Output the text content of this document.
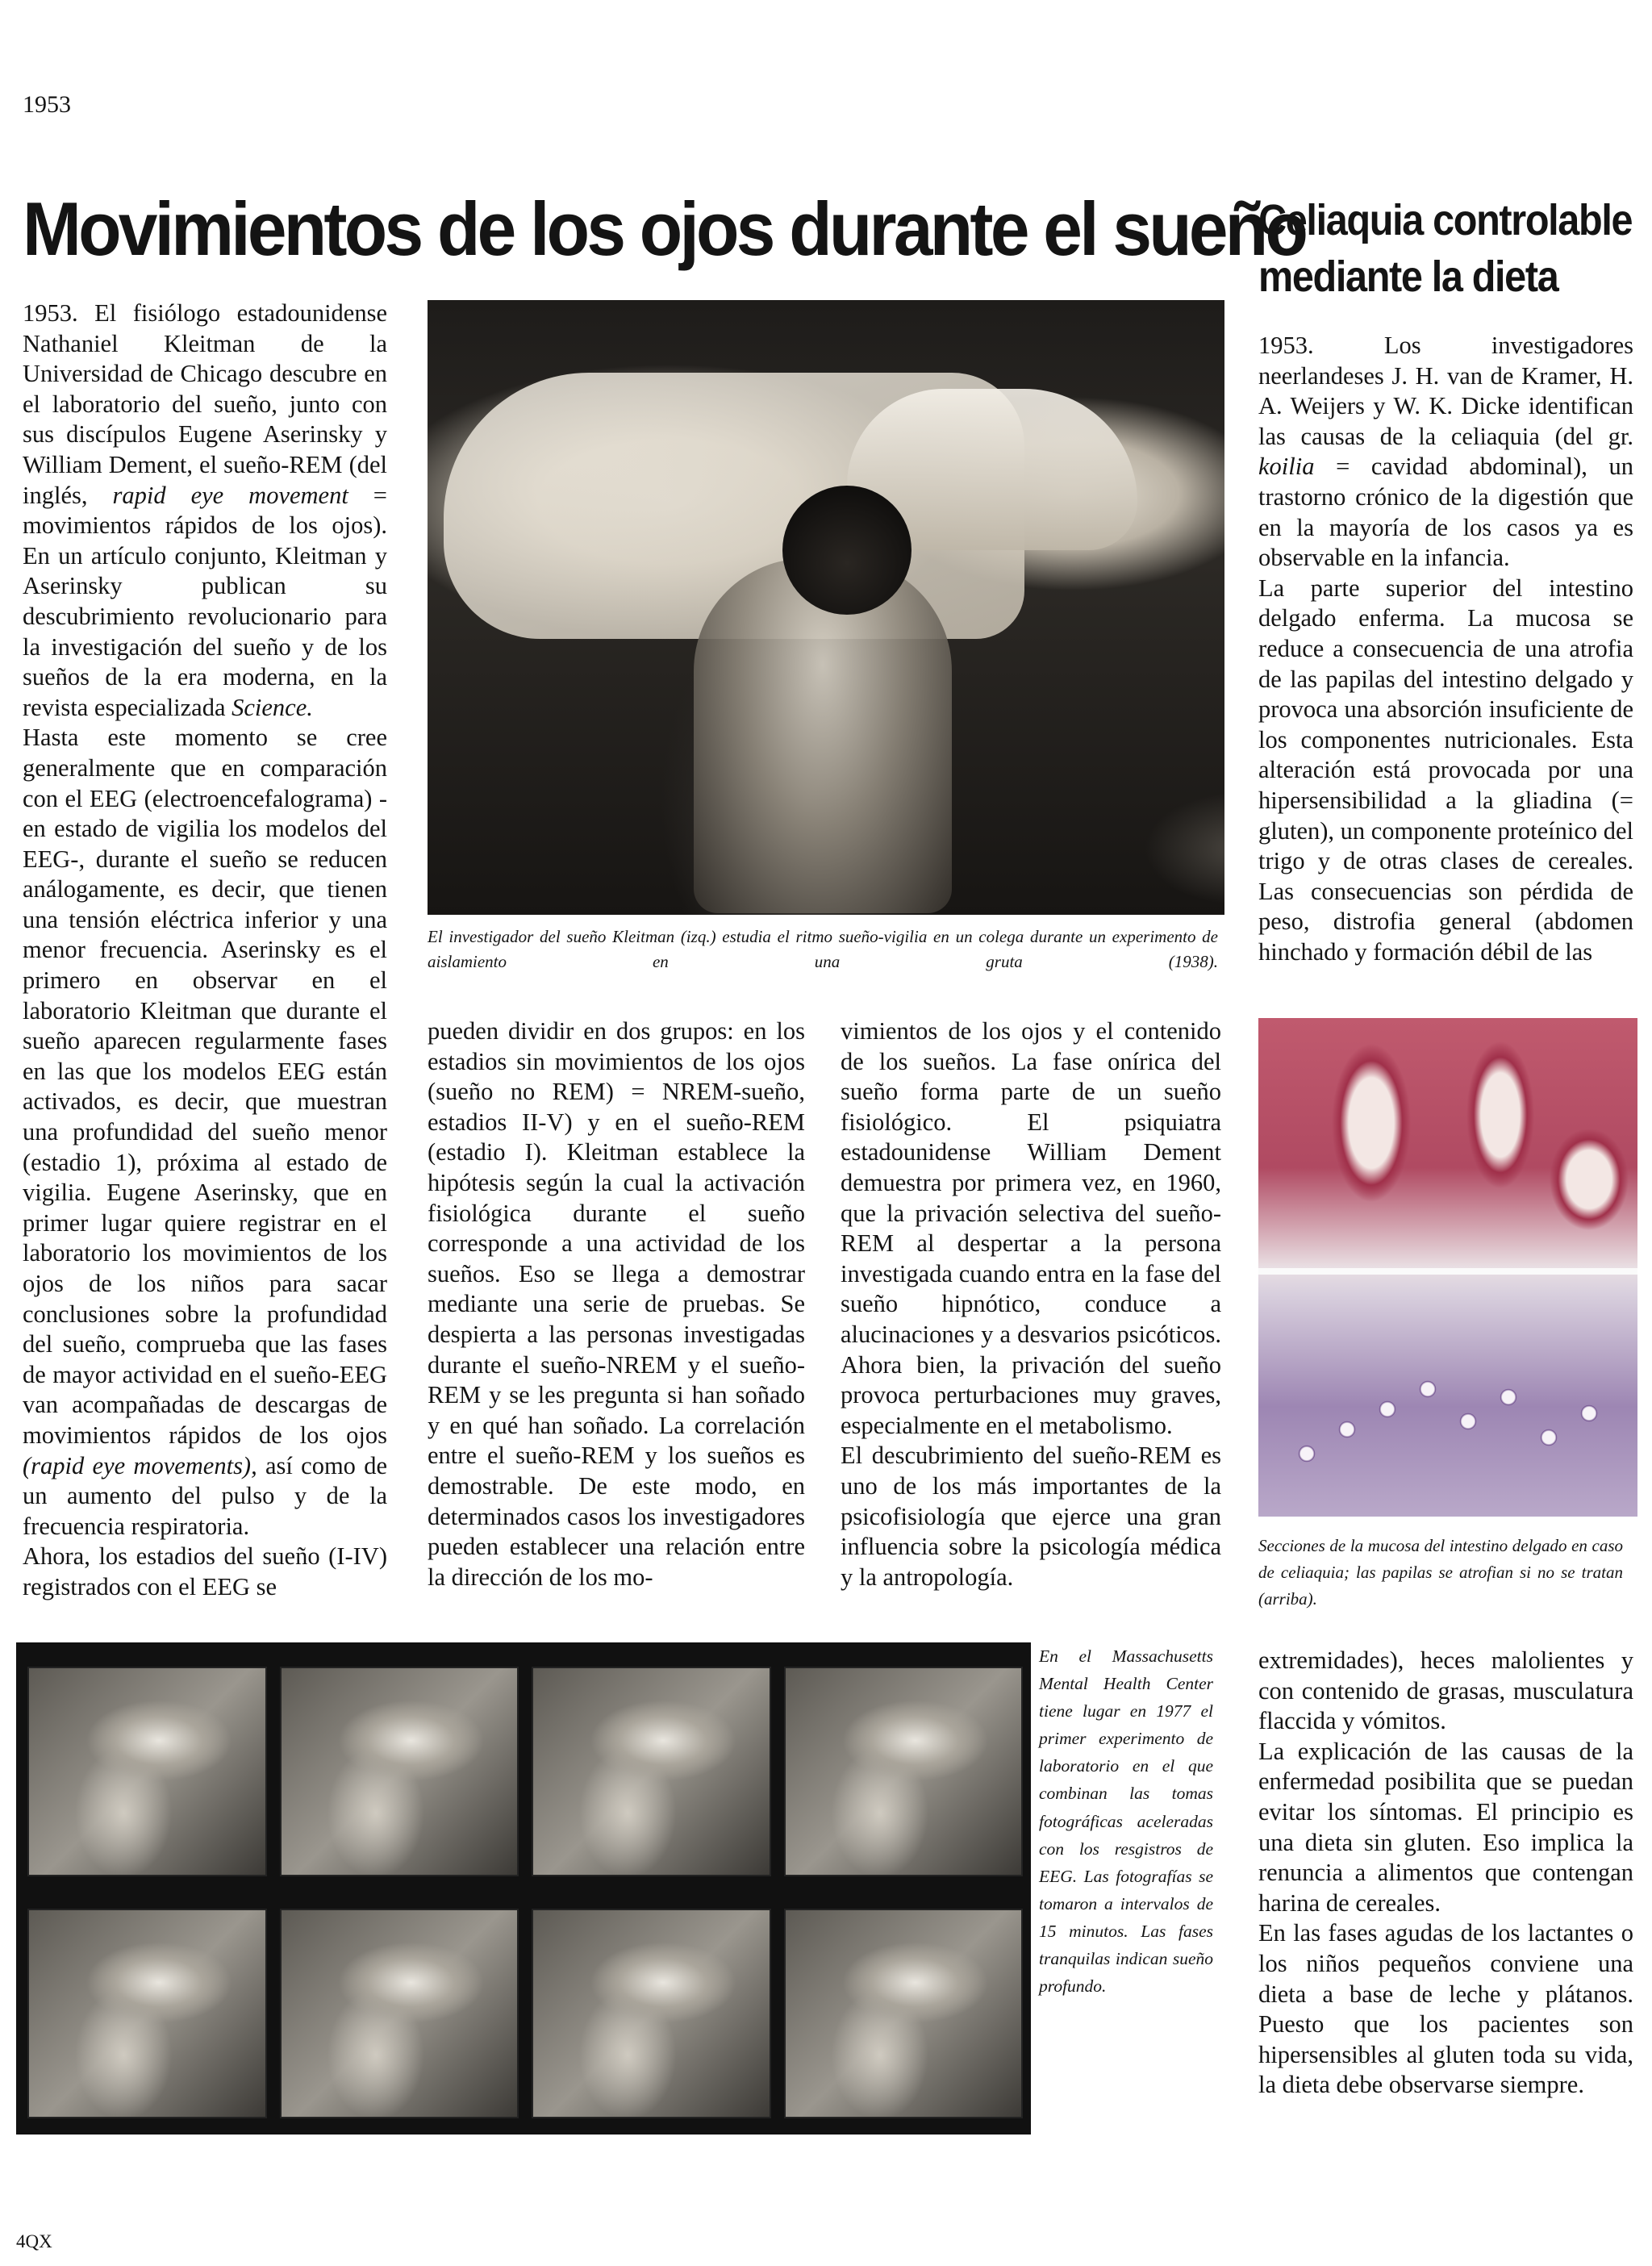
1953
Movimientos de los ojos durante el sueño
Celiaquia controlable
mediante la dieta

1953. El fisiólogo estadounidense Nathaniel Kleitman de la Universidad de Chicago descubre en el laboratorio del sueño, junto con sus discípulos Eugene Aserinsky y William Dement, el sueño-REM (del inglés, rapid eye movement = movimientos rápidos de los ojos). En un artículo conjunto, Kleitman y Aserinsky publican su descubrimiento revolucionario para la investigación del sueño y de los sueños de la era moderna, en la revista especializada Science.

Hasta este momento se cree generalmente que en comparación con el EEG (electroencefalograma) -en estado de vigilia los modelos del EEG-, durante el sueño se reducen análogamente, es decir, que tienen una tensión eléctrica inferior y una menor frecuencia. Aserinsky es el primero en observar en el laboratorio Kleitman que durante el sueño aparecen regularmente fases en las que los modelos EEG están activados, es decir, que muestran una profundidad del sueño menor (estadio 1), próxima al estado de vigilia. Eugene Aserinsky, que en primer lugar quiere registrar en el laboratorio los movimientos de los ojos de los niños para sacar conclusiones sobre la profundidad del sueño, comprueba que las fases de mayor actividad en el sueño-EEG van acompañadas de descargas de movimientos rápidos de los ojos (rapid eye movements), así como de un aumento del pulso y de la frecuencia respiratoria.

Ahora, los estadios del sueño (I-IV) registrados con el EEG se

El investigador del sueño Kleitman (izq.) estudia el ritmo sueño-vigilia en un colega durante un experimento de aislamiento en una gruta (1938).

pueden dividir en dos grupos: en los estadios sin movimientos de los ojos (sueño no REM) = NREM-sueño, estadios II-V) y en el sueño-REM (estadio I). Kleitman establece la hipótesis según la cual la activación fisiológica durante el sueño corresponde a una actividad de los sueños. Eso se llega a demostrar mediante una serie de pruebas. Se despierta a las personas investigadas durante el sueño-NREM y el sueño-REM y se les pregunta si han soñado y en qué han soñado. La correlación entre el sueño-REM y los sueños es demostrable. De este modo, en determinados casos los investigadores pueden establecer una relación entre la dirección de los mo-

vimientos de los ojos y el contenido de los sueños. La fase onírica del sueño forma parte de un sueño fisiológico. El psiquiatra estadounidense William Dement demuestra por primera vez, en 1960, que la privación selectiva del sueño-REM al despertar a la persona investigada cuando entra en la fase del sueño hipnótico, conduce a alucinaciones y a desvarios psicóticos. Ahora bien, la privación del sueño provoca perturbaciones muy graves, especialmente en el metabolismo.

El descubrimiento del sueño-REM es uno de los más importantes de la psicofisiología que ejerce una gran influencia sobre la psicología médica y la antropología.

1953. Los investigadores neerlandeses J. H. van de Kramer, H. A. Weijers y W. K. Dicke identifican las causas de la celiaquia (del gr. koilia = cavidad abdominal), un trastorno crónico de la digestión que en la mayoría de los casos ya es observable en la infancia.

La parte superior del intestino delgado enferma. La mucosa se reduce a consecuencia de una atrofia de las papilas del intestino delgado y provoca una absorción insuficiente de los componentes nutricionales. Esta alteración está provocada por una hipersensibilidad a la gliadina (= gluten), un componente proteínico del trigo y de otras clases de cereales. Las consecuencias son pérdida de peso, distrofia general (abdomen hinchado y formación débil de las

Secciones de la mucosa del intestino delgado en caso de celiaquia; las papilas se atrofian si no se tratan (arriba).

extremidades), heces malolientes y con contenido de grasas, musculatura flaccida y vómitos.

La explicación de las causas de la enfermedad posibilita que se puedan evitar los síntomas. El principio es una dieta sin gluten. Eso implica la renuncia a alimentos que contengan harina de cereales.

En las fases agudas de los lactantes o los niños pequeños conviene una dieta a base de leche y plátanos. Puesto que los pacientes son hipersensibles al gluten toda su vida, la dieta debe observarse siempre.

En el Massachusetts Mental Health Center tiene lugar en 1977 el primer experimento de laboratorio en el que combinan las tomas fotográficas aceleradas con los resgistros de EEG. Las fotografías se tomaron a intervalos de 15 minutos. Las fases tranquilas indican sueño profundo.
4QX
